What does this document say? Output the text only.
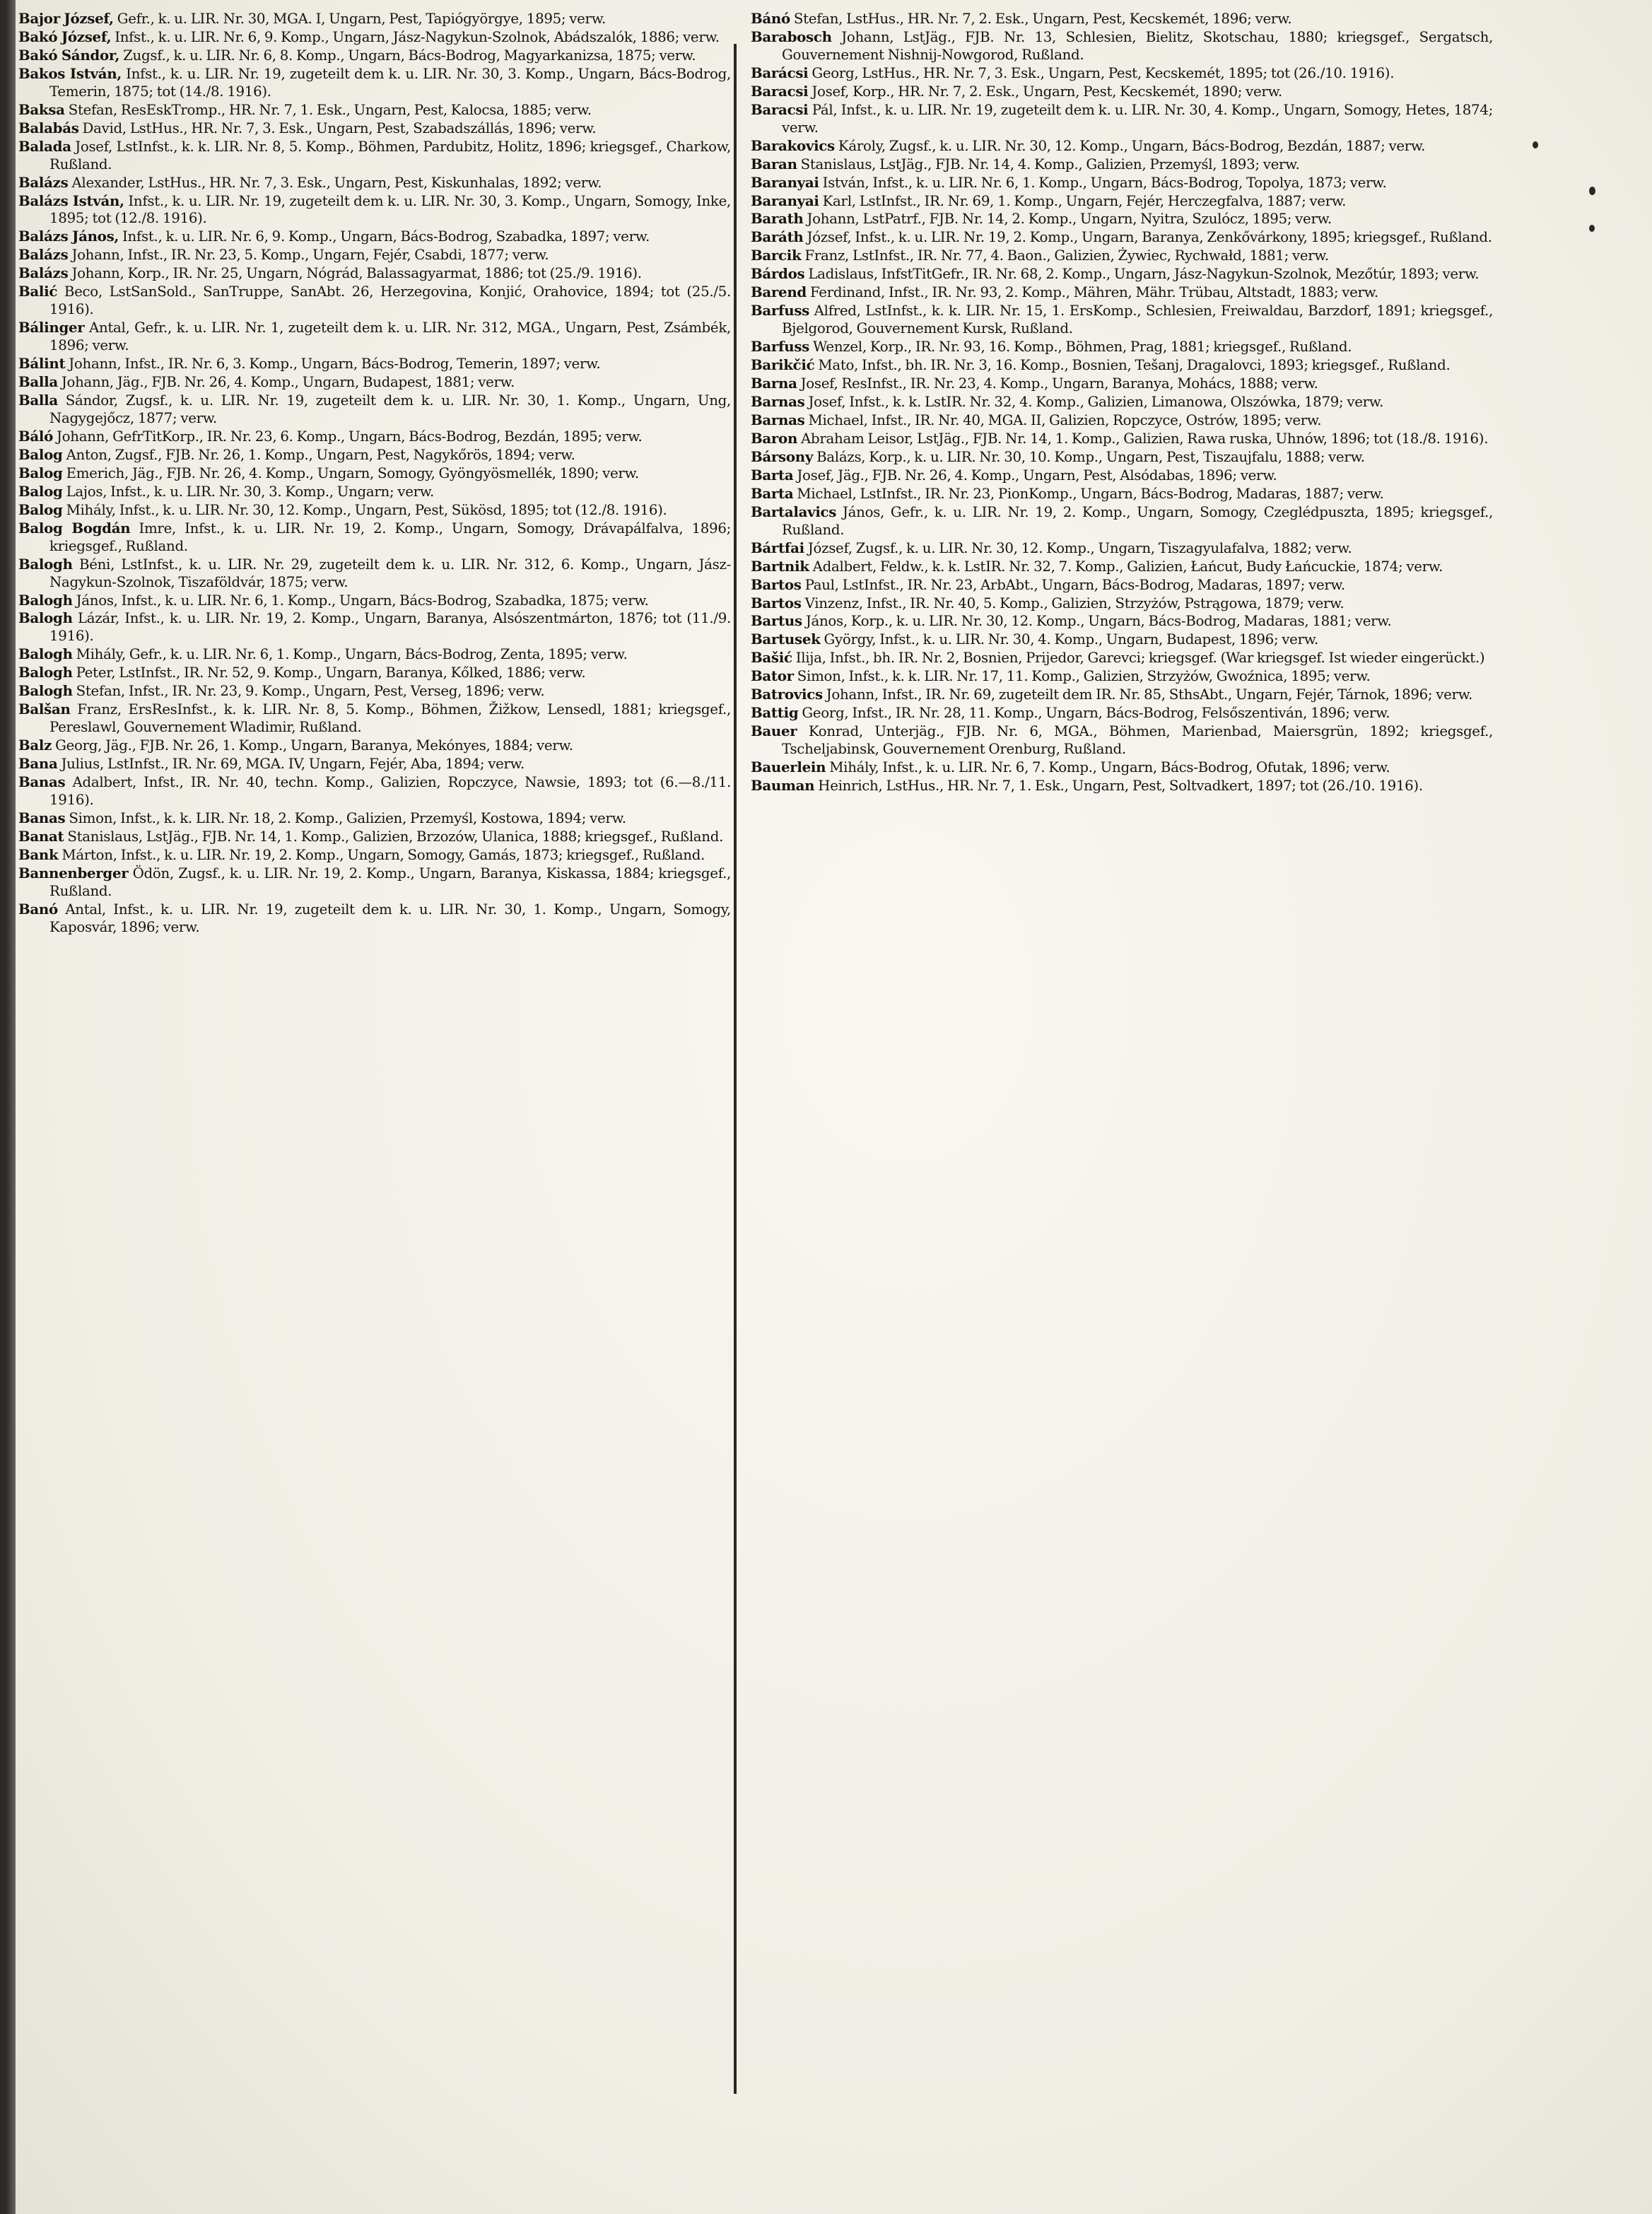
Bajor József, Gefr., k. u. LIR. Nr. 30, MGA. I, Ungarn, Pest, Tapiógyörgye, 1895; verw.

Bakó József, Infst., k. u. LIR. Nr. 6, 9. Komp., Ungarn, Jász-Nagykun-Szolnok, Abádszalók, 1886; verw.

Bakó Sándor, Zugsf., k. u. LIR. Nr. 6, 8. Komp., Ungarn, Bács-Bodrog, Magyarkanizsa, 1875; verw.

Bakos István, Infst., k. u. LIR. Nr. 19, zugeteilt dem k. u. LIR. Nr. 30, 3. Komp., Ungarn, Bács-Bodrog, Temerin, 1875; tot (14./8. 1916).

Baksa Stefan, ResEskTromp., HR. Nr. 7, 1. Esk., Ungarn, Pest, Kalocsa, 1885; verw.

Balabás David, LstHus., HR. Nr. 7, 3. Esk., Ungarn, Pest, Szabadszállás, 1896; verw.

Balada Josef, LstInfst., k. k. LIR. Nr. 8, 5. Komp., Böhmen, Pardubitz, Holitz, 1896; kriegsgef., Charkow, Rußland.

Balázs Alexander, LstHus., HR. Nr. 7, 3. Esk., Ungarn, Pest, Kiskunhalas, 1892; verw.

Balázs István, Infst., k. u. LIR. Nr. 19, zugeteilt dem k. u. LIR. Nr. 30, 3. Komp., Ungarn, Somogy, Inke, 1895; tot (12./8. 1916).

Balázs János, Infst., k. u. LIR. Nr. 6, 9. Komp., Ungarn, Bács-Bodrog, Szabadka, 1897; verw.

Balázs Johann, Infst., IR. Nr. 23, 5. Komp., Ungarn, Fejér, Csabdi, 1877; verw.

Balázs Johann, Korp., IR. Nr. 25, Ungarn, Nógrád, Balassagyarmat, 1886; tot (25./9. 1916).

Balić Beco, LstSanSold., SanTruppe, SanAbt. 26, Herzegovina, Konjić, Orahovice, 1894; tot (25./5. 1916).

Bálinger Antal, Gefr., k. u. LIR. Nr. 1, zugeteilt dem k. u. LIR. Nr. 312, MGA., Ungarn, Pest, Zsámbék, 1896; verw.

Bálint Johann, Infst., IR. Nr. 6, 3. Komp., Ungarn, Bács-Bodrog, Temerin, 1897; verw.

Balla Johann, Jäg., FJB. Nr. 26, 4. Komp., Ungarn, Budapest, 1881; verw.

Balla Sándor, Zugsf., k. u. LIR. Nr. 19, zugeteilt dem k. u. LIR. Nr. 30, 1. Komp., Ungarn, Ung, Nagygejőcz, 1877; verw.

Báló Johann, GefrTitKorp., IR. Nr. 23, 6. Komp., Ungarn, Bács-Bodrog, Bezdán, 1895; verw.

Balog Anton, Zugsf., FJB. Nr. 26, 1. Komp., Ungarn, Pest, Nagykőrös, 1894; verw.

Balog Emerich, Jäg., FJB. Nr. 26, 4. Komp., Ungarn, Somogy, Gyöngyösmellék, 1890; verw.

Balog Lajos, Infst., k. u. LIR. Nr. 30, 3. Komp., Ungarn; verw.

Balog Mihály, Infst., k. u. LIR. Nr. 30, 12. Komp., Ungarn, Pest, Sükösd, 1895; tot (12./8. 1916).

Balog Bogdán Imre, Infst., k. u. LIR. Nr. 19, 2. Komp., Ungarn, Somogy, Drávapálfalva, 1896; kriegsgef., Rußland.

Balogh Béni, LstInfst., k. u. LIR. Nr. 29, zugeteilt dem k. u. LIR. Nr. 312, 6. Komp., Ungarn, Jász-Nagykun-Szolnok, Tiszaföldvár, 1875; verw.

Balogh János, Infst., k. u. LIR. Nr. 6, 1. Komp., Ungarn, Bács-Bodrog, Szabadka, 1875; verw.

Balogh Lázár, Infst., k. u. LIR. Nr. 19, 2. Komp., Ungarn, Baranya, Alsószentmárton, 1876; tot (11./9. 1916).

Balogh Mihály, Gefr., k. u. LIR. Nr. 6, 1. Komp., Ungarn, Bács-Bodrog, Zenta, 1895; verw.

Balogh Peter, LstInfst., IR. Nr. 52, 9. Komp., Ungarn, Baranya, Kőlked, 1886; verw.

Balogh Stefan, Infst., IR. Nr. 23, 9. Komp., Ungarn, Pest, Verseg, 1896; verw.

Balšan Franz, ErsResInfst., k. k. LIR. Nr. 8, 5. Komp., Böhmen, Žižkow, Lensedl, 1881; kriegsgef., Pereslawl, Gouvernement Wladimir, Rußland.

Balz Georg, Jäg., FJB. Nr. 26, 1. Komp., Ungarn, Baranya, Mekónyes, 1884; verw.

Bana Julius, LstInfst., IR. Nr. 69, MGA. IV, Ungarn, Fejér, Aba, 1894; verw.

Banas Adalbert, Infst., IR. Nr. 40, techn. Komp., Galizien, Ropczyce, Nawsie, 1893; tot (6.—8./11. 1916).

Banas Simon, Infst., k. k. LIR. Nr. 18, 2. Komp., Galizien, Przemyśl, Kostowa, 1894; verw.

Banat Stanislaus, LstJäg., FJB. Nr. 14, 1. Komp., Galizien, Brzozów, Ulanica, 1888; kriegsgef., Rußland.

Bank Márton, Infst., k. u. LIR. Nr. 19, 2. Komp., Ungarn, Somogy, Gamás, 1873; kriegsgef., Rußland.

Bannenberger Ödön, Zugsf., k. u. LIR. Nr. 19, 2. Komp., Ungarn, Baranya, Kiskassa, 1884; kriegsgef., Rußland.

Banó Antal, Infst., k. u. LIR. Nr. 19, zugeteilt dem k. u. LIR. Nr. 30, 1. Komp., Ungarn, Somogy, Kaposvár, 1896; verw.

Bánó Stefan, LstHus., HR. Nr. 7, 2. Esk., Ungarn, Pest, Kecskemét, 1896; verw.

Barabosch Johann, LstJäg., FJB. Nr. 13, Schlesien, Bielitz, Skotschau, 1880; kriegsgef., Sergatsch, Gouvernement Nishnij-Nowgorod, Rußland.

Barácsi Georg, LstHus., HR. Nr. 7, 3. Esk., Ungarn, Pest, Kecskemét, 1895; tot (26./10. 1916).

Baracsi Josef, Korp., HR. Nr. 7, 2. Esk., Ungarn, Pest, Kecskemét, 1890; verw.

Baracsi Pál, Infst., k. u. LIR. Nr. 19, zugeteilt dem k. u. LIR. Nr. 30, 4. Komp., Ungarn, Somogy, Hetes, 1874; verw.

Barakovics Károly, Zugsf., k. u. LIR. Nr. 30, 12. Komp., Ungarn, Bács-Bodrog, Bezdán, 1887; verw.

Baran Stanislaus, LstJäg., FJB. Nr. 14, 4. Komp., Galizien, Przemyśl, 1893; verw.

Baranyai István, Infst., k. u. LIR. Nr. 6, 1. Komp., Ungarn, Bács-Bodrog, Topolya, 1873; verw.

Baranyai Karl, LstInfst., IR. Nr. 69, 1. Komp., Ungarn, Fejér, Herczegfalva, 1887; verw.

Barath Johann, LstPatrf., FJB. Nr. 14, 2. Komp., Ungarn, Nyitra, Szulócz, 1895; verw.

Baráth József, Infst., k. u. LIR. Nr. 19, 2. Komp., Ungarn, Baranya, Zenkővárkony, 1895; kriegsgef., Rußland.

Barcik Franz, LstInfst., IR. Nr. 77, 4. Baon., Galizien, Żywiec, Rychwałd, 1881; verw.

Bárdos Ladislaus, InfstTitGefr., IR. Nr. 68, 2. Komp., Ungarn, Jász-Nagykun-Szolnok, Mezőtúr, 1893; verw.

Barend Ferdinand, Infst., IR. Nr. 93, 2. Komp., Mähren, Mähr. Trübau, Altstadt, 1883; verw.

Barfuss Alfred, LstInfst., k. k. LIR. Nr. 15, 1. ErsKomp., Schlesien, Freiwaldau, Barzdorf, 1891; kriegsgef., Bjelgorod, Gouvernement Kursk, Rußland.

Barfuss Wenzel, Korp., IR. Nr. 93, 16. Komp., Böhmen, Prag, 1881; kriegsgef., Rußland.

Barikčić Mato, Infst., bh. IR. Nr. 3, 16. Komp., Bosnien, Tešanj, Dragalovci, 1893; kriegsgef., Rußland.

Barna Josef, ResInfst., IR. Nr. 23, 4. Komp., Ungarn, Baranya, Mohács, 1888; verw.

Barnas Josef, Infst., k. k. LstIR. Nr. 32, 4. Komp., Galizien, Limanowa, Olszówka, 1879; verw.

Barnas Michael, Infst., IR. Nr. 40, MGA. II, Galizien, Ropczyce, Ostrów, 1895; verw.

Baron Abraham Leisor, LstJäg., FJB. Nr. 14, 1. Komp., Galizien, Rawa ruska, Uhnów, 1896; tot (18./8. 1916).

Bársony Balázs, Korp., k. u. LIR. Nr. 30, 10. Komp., Ungarn, Pest, Tiszaujfalu, 1888; verw.

Barta Josef, Jäg., FJB. Nr. 26, 4. Komp., Ungarn, Pest, Alsódabas, 1896; verw.

Barta Michael, LstInfst., IR. Nr. 23, PionKomp., Ungarn, Bács-Bodrog, Madaras, 1887; verw.

Bartalavics János, Gefr., k. u. LIR. Nr. 19, 2. Komp., Ungarn, Somogy, Czeglédpuszta, 1895; kriegsgef., Rußland.

Bártfai József, Zugsf., k. u. LIR. Nr. 30, 12. Komp., Ungarn, Tiszagyulafalva, 1882; verw.

Bartnik Adalbert, Feldw., k. k. LstIR. Nr. 32, 7. Komp., Galizien, Łańcut, Budy Łańcuckie, 1874; verw.

Bartos Paul, LstInfst., IR. Nr. 23, ArbAbt., Ungarn, Bács-Bodrog, Madaras, 1897; verw.

Bartos Vinzenz, Infst., IR. Nr. 40, 5. Komp., Galizien, Strzyżów, Pstrągowa, 1879; verw.

Bartus János, Korp., k. u. LIR. Nr. 30, 12. Komp., Ungarn, Bács-Bodrog, Madaras, 1881; verw.

Bartusek György, Infst., k. u. LIR. Nr. 30, 4. Komp., Ungarn, Budapest, 1896; verw.

Bašić Ilija, Infst., bh. IR. Nr. 2, Bosnien, Prijedor, Garevci; kriegsgef. (War kriegsgef. Ist wieder eingerückt.)

Bator Simon, Infst., k. k. LIR. Nr. 17, 11. Komp., Galizien, Strzyżów, Gwoźnica, 1895; verw.

Batrovics Johann, Infst., IR. Nr. 69, zugeteilt dem IR. Nr. 85, SthsAbt., Ungarn, Fejér, Tárnok, 1896; verw.

Battig Georg, Infst., IR. Nr. 28, 11. Komp., Ungarn, Bács-Bodrog, Felsőszentiván, 1896; verw.

Bauer Konrad, Unterjäg., FJB. Nr. 6, MGA., Böhmen, Marienbad, Maiersgrün, 1892; kriegsgef., Tscheljabinsk, Gouvernement Orenburg, Rußland.

Bauerlein Mihály, Infst., k. u. LIR. Nr. 6, 7. Komp., Ungarn, Bács-Bodrog, Ofutak, 1896; verw.

Bauman Heinrich, LstHus., HR. Nr. 7, 1. Esk., Ungarn, Pest, Soltvadkert, 1897; tot (26./10. 1916).
